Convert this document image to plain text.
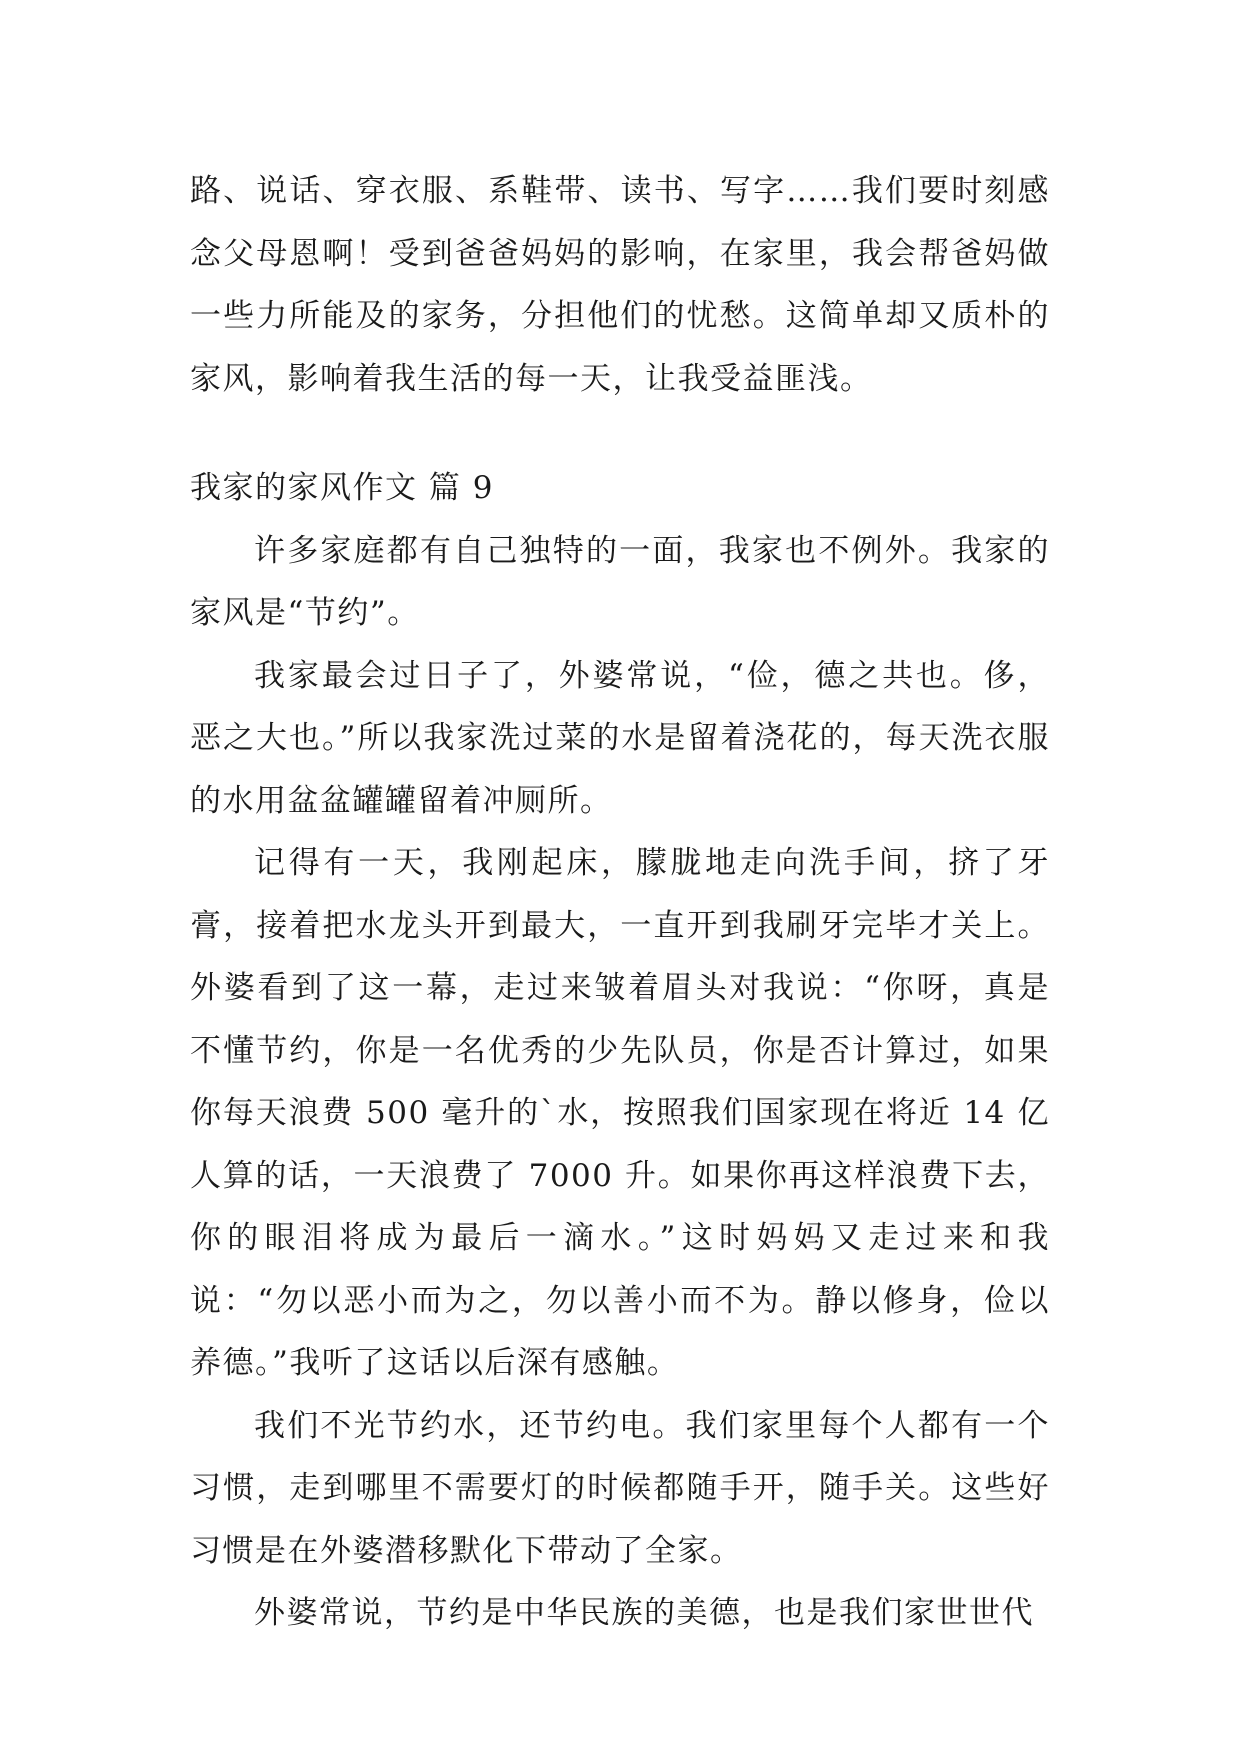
路、说话、穿衣服、系鞋带、读书、写字……我们要时刻感念父母恩啊！受到爸爸妈妈的影响，在家里，我会帮爸妈做一些力所能及的家务，分担他们的忧愁。这简单却又质朴的家风，影响着我生活的每一天，让我受益匪浅。

我家的家风作文 篇 9

许多家庭都有自己独特的一面，我家也不例外。我家的家风是“节约”。

我家最会过日子了，外婆常说，“俭，德之共也。侈，恶之大也。”所以我家洗过菜的水是留着浇花的，每天洗衣服的水用盆盆罐罐留着冲厕所。

记得有一天，我刚起床，朦胧地走向洗手间，挤了牙膏，接着把水龙头开到最大，一直开到我刷牙完毕才关上。外婆看到了这一幕，走过来皱着眉头对我说：“你呀，真是不懂节约，你是一名优秀的少先队员，你是否计算过，如果你每天浪费 500 毫升的`水，按照我们国家现在将近 14 亿人算的话，一天浪费了 7000 升。如果你再这样浪费下去，你的眼泪将成为最后一滴水。”这时妈妈又走过来和我说：“勿以恶小而为之，勿以善小而不为。静以修身，俭以养德。”我听了这话以后深有感触。

我们不光节约水，还节约电。我们家里每个人都有一个习惯，走到哪里不需要灯的时候都随手开，随手关。这些好习惯是在外婆潜移默化下带动了全家。

外婆常说，节约是中华民族的美德，也是我们家世世代
